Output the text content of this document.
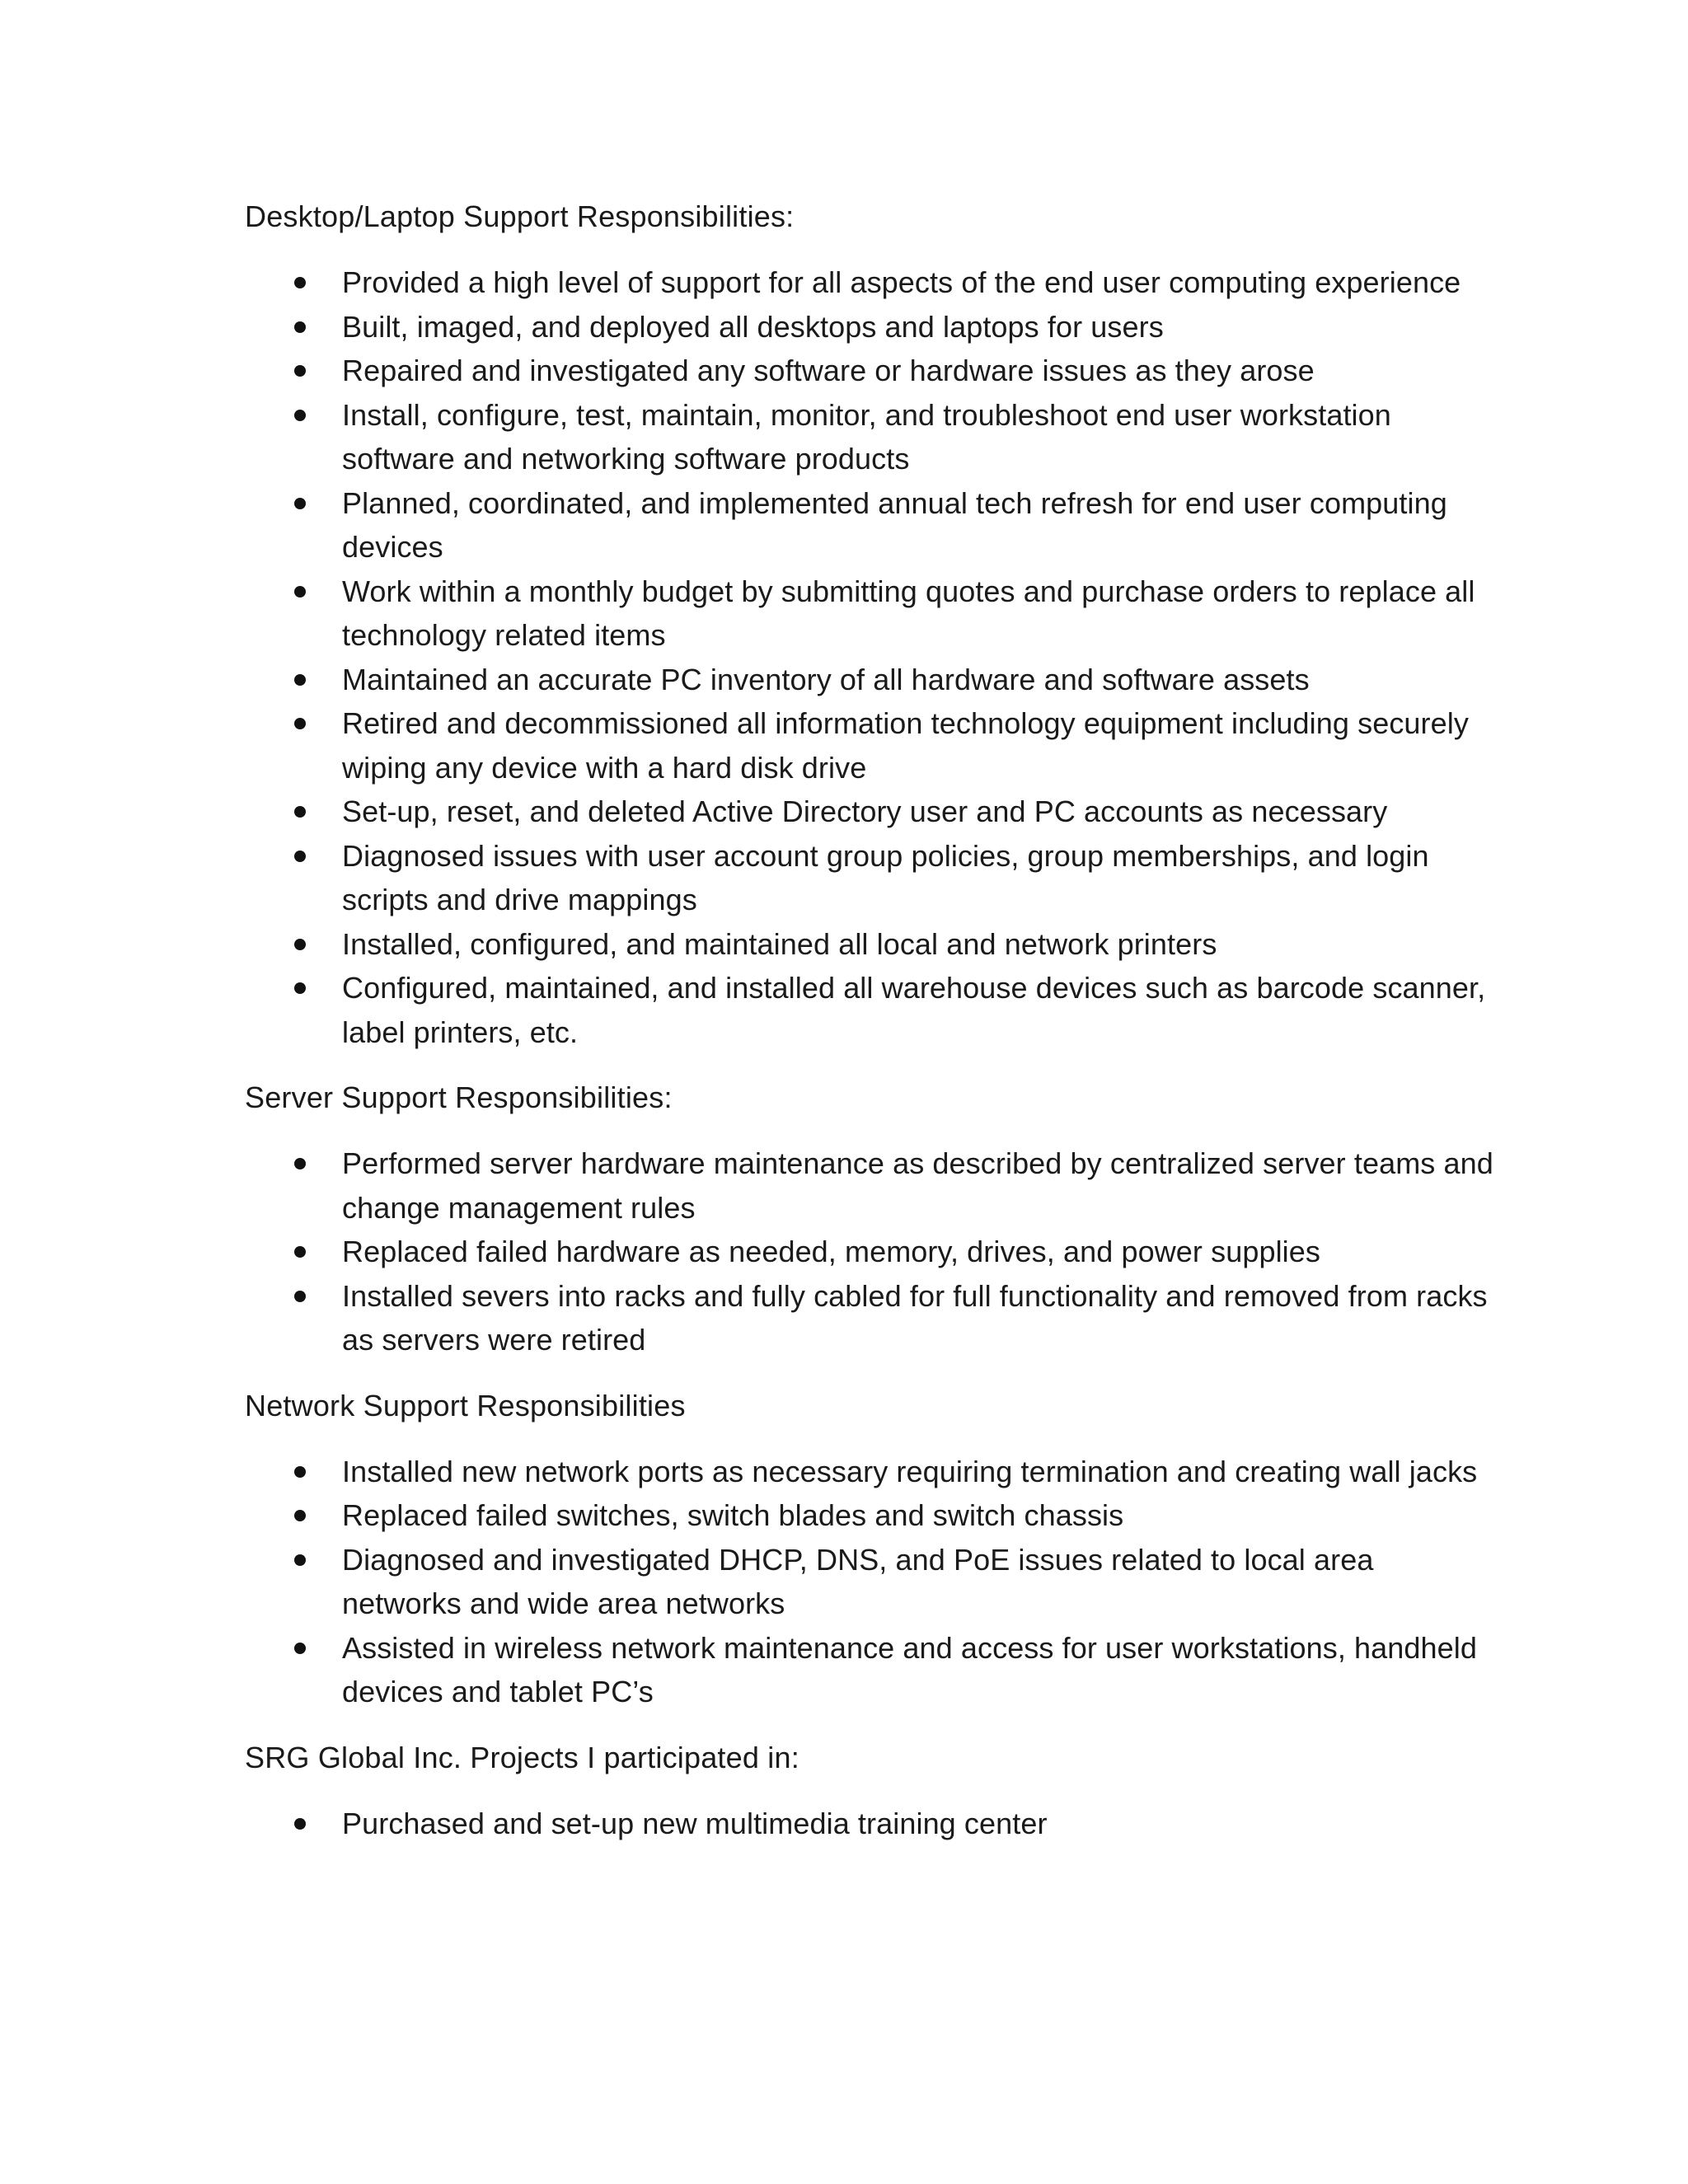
Desktop/Laptop Support Responsibilities:

Provided a high level of support for all aspects of the end user computing experience
Built, imaged, and deployed all desktops and laptops for users
Repaired and investigated any software or hardware issues as they arose
Install, configure, test, maintain, monitor, and troubleshoot end user workstation software and networking software products
Planned, coordinated, and implemented annual tech refresh for end user computing devices
Work within a monthly budget by submitting quotes and purchase orders to replace all technology related items
Maintained an accurate PC inventory of all hardware and software assets
Retired and decommissioned all information technology equipment including securely wiping any device with a hard disk drive
Set-up, reset, and deleted Active Directory user and PC accounts as necessary
Diagnosed issues with user account group policies, group memberships, and login scripts and drive mappings
Installed, configured, and maintained all local and network printers
Configured, maintained, and installed all warehouse devices such as barcode scanner, label printers, etc.

Server Support Responsibilities:

Performed server hardware maintenance as described by centralized server teams and change management rules
Replaced failed hardware as needed, memory, drives, and power supplies
Installed severs into racks and fully cabled for full functionality and removed from racks as servers were retired

Network Support Responsibilities

Installed new network ports as necessary requiring termination and creating wall jacks
Replaced failed switches, switch blades and switch chassis
Diagnosed and investigated DHCP, DNS, and PoE issues related to local area networks and wide area networks
Assisted in wireless network maintenance and access for user workstations, handheld devices and tablet PC’s

SRG Global Inc. Projects I participated in:

Purchased and set-up new multimedia training center
